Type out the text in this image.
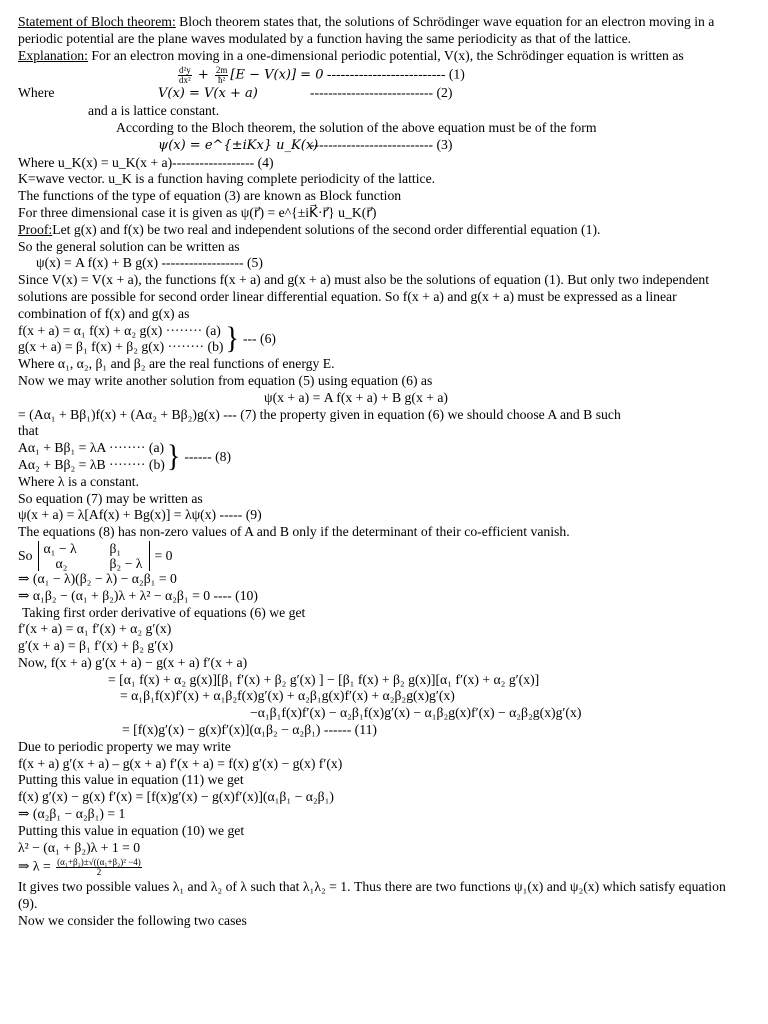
Statement of Bloch theorem: Bloch theorem states that, the solutions of Schrödinger wave equation for an electron moving in a periodic potential are the plane waves modulated by a function having the same periodicity as that of the lattice.
Explanation: For an electron moving in a one-dimensional periodic potential, V(x), the Schrödinger equation is written as
$\frac{\text{d²y}}{\text{dx²}} + \frac{2m}{\text{ħ²}} [E - V(x)] = 0$ -------------------------- (1)
Where	V(x) = V(x + a)	--------------------------- (2)
and a is lattice constant.
According to the Bloch theorem, the solution of the above equation must be of the form
ψ(x) = e^{±iKx} u_K(x)--------------------------- (3)
Where u_K(x) = u_K(x + a)------------------ (4)
K=wave vector. u_K is a function having complete periodicity of the lattice.
The functions of the type of equation (3) are known as Block function
For three dimensional case it is given as ψ(r⃗) = e^{±iK⃗·r⃗} u_K(r⃗)
Proof:Let g(x) and f(x) be two real and independent solutions of the second order differential equation (1).
So the general solution can be written as
ψ(x) = A f(x) + B g(x) ------------------ (5)
Since V(x) = V(x + a), the functions f(x + a) and g(x + a) must also be the solutions of equation (1). But only two independent solutions are possible for second order linear differential equation. So f(x + a) and g(x + a) must be expressed as a linear combination of f(x) and g(x) as
f(x + a) = α₁ f(x) + α₂ g(x) ········ (a)
g(x + a) = β₁ f(x) + β₂ g(x) ········ (b) } --- (6)
Where α₁, α₂, β₁ and β₂ are the real functions of energy E.
Now we may write another solution from equation (5) using equation (6) as
ψ(x + a) = A f(x + a) + B g(x + a)
= (Aα₁ + Bβ₁)f(x) + (Aα₂ + Bβ₂)g(x) --- (7) the property given in equation (6) we should choose A and B such
that
Aα₁ + Bβ₁ = λA ········ (a)
Aα₂ + Bβ₂ = λB ········ (b) } ------ (8)
Where λ is a constant.
So equation (7) may be written as
ψ(x + a) = λ[Af(x) + Bg(x)] = λψ(x) ----- (9)
The equations (8) has non-zero values of A and B only if the determinant of their co-efficient vanish.
So α₁ − λ	β₁
α₂	β₂ − λ
= 0
⇒ (α₁ − λ)(β₂ − λ) − α₂β₁ = 0
⇒ α₁β₂ − (α₁ + β₂)λ + λ² − α₂β₁ = 0 ---- (10)
Taking first order derivative of equations (6) we get
f′(x + a) = α₁ f′(x) + α₂ g′(x)
g′(x + a) = β₁ f′(x) + β₂ g′(x)
Now, f(x + a) g′(x + a) − g(x + a) f′(x + a)
= [α₁ f(x) + α₂ g(x)][β₁ f′(x) + β₂ g′(x) ] − [β₁ f(x) + β₂ g(x)][α₁ f′(x) + α₂ g′(x)]
= α₁β₁f(x)f′(x) + α₁β₂f(x)g′(x) + α₂β₁g(x)f′(x) + α₂β₂g(x)g′(x)
−α₁β₁f(x)f′(x) − α₂β₁f(x)g′(x) − α₁β₂g(x)f′(x) − α₂β₂g(x)g′(x)
= [f(x)g′(x) − g(x)f′(x)](α₁β₂ − α₂β₁) ------ (11)
Due to periodic property we may write
f(x + a) g′(x + a) – g(x + a) f′(x + a) = f(x) g′(x) − g(x) f′(x)
Putting this value in equation (11) we get
f(x) g′(x) − g(x) f′(x) = [f(x)g′(x) − g(x)f′(x)](α₁β₁ − α₂β₁)
⇒ (α₂β₁ − α₂β₁) = 1
Putting this value in equation (10) we get
λ² − (α₁ + β₂)λ + 1 = 0
⇒ $\lambda = \frac{\text{(α₁+β₂)±√((α₁+β₂)² −4)}}{2}$
It gives two possible values λ₁ and λ₂ of λ such that λ₁λ₂ = 1. Thus there are two functions ψ₁(x) and ψ₂(x) which satisfy equation (9).
Now we consider the following two cases
